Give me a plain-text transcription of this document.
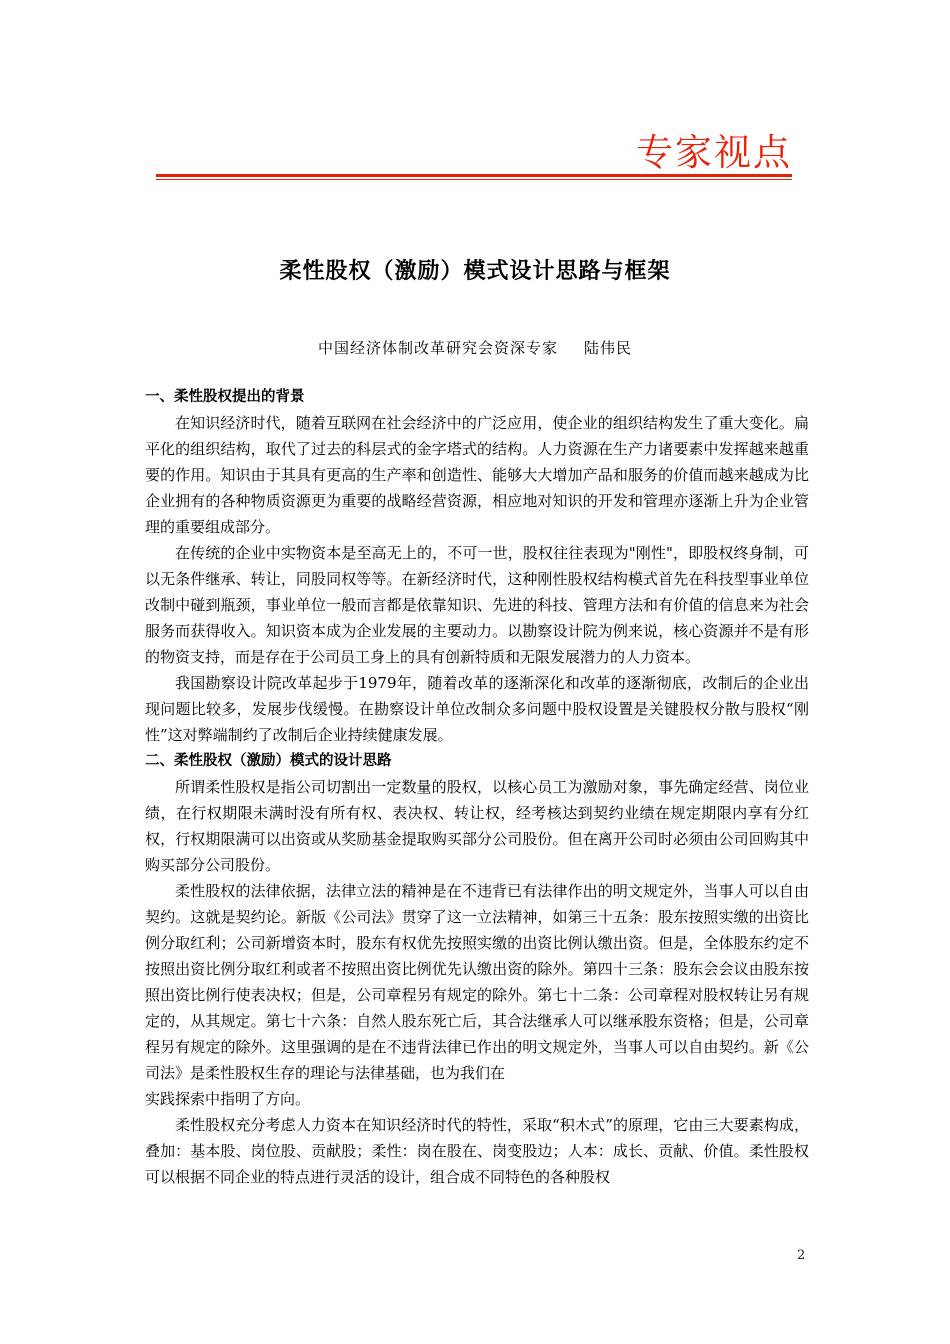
专家视点
柔性股权（激励）模式设计思路与框架
中国经济体制改革研究会资深专家 陆伟民
一、柔性股权提出的背景

在知识经济时代，随着互联网在社会经济中的广泛应用，使企业的组织结构发生了重大变化。扁平化的组织结构，取代了过去的科层式的金字塔式的结构。人力资源在生产力诸要素中发挥越来越重要的作用。知识由于其具有更高的生产率和创造性、能够大大增加产品和服务的价值而越来越成为比企业拥有的各种物质资源更为重要的战略经营资源，相应地对知识的开发和管理亦逐渐上升为企业管理的重要组成部分。

在传统的企业中实物资本是至高无上的，不可一世，股权往往表现为"刚性"，即股权终身制，可以无条件继承、转让，同股同权等等。在新经济时代，这种刚性股权结构模式首先在科技型事业单位改制中碰到瓶颈，事业单位一般而言都是依靠知识、先进的科技、管理方法和有价值的信息来为社会服务而获得收入。知识资本成为企业发展的主要动力。以勘察设计院为例来说，核心资源并不是有形的物资支持，而是存在于公司员工身上的具有创新特质和无限发展潜力的人力资本。

我国勘察设计院改革起步于1979年，随着改革的逐渐深化和改革的逐渐彻底，改制后的企业出现问题比较多，发展步伐缓慢。在勘察设计单位改制众多问题中股权设置是关键股权分散与股权“刚性”这对弊端制约了改制后企业持续健康发展。

二、柔性股权（激励）模式的设计思路

所谓柔性股权是指公司切割出一定数量的股权，以核心员工为激励对象，事先确定经营、岗位业绩，在行权期限未满时没有所有权、表决权、转让权，经考核达到契约业绩在规定期限内享有分红权，行权期限满可以出资或从奖励基金提取购买部分公司股份。但在离开公司时必须由公司回购其中购买部分公司股份。

柔性股权的法律依据，法律立法的精神是在不违背已有法律作出的明文规定外，当事人可以自由契约。这就是契约论。新版《公司法》贯穿了这一立法精神，如第三十五条：股东按照实缴的出资比例分取红利；公司新增资本时，股东有权优先按照实缴的出资比例认缴出资。但是，全体股东约定不按照出资比例分取红利或者不按照出资比例优先认缴出资的除外。第四十三条：股东会会议由股东按照出资比例行使表决权；但是，公司章程另有规定的除外。第七十二条：公司章程对股权转让另有规定的，从其规定。第七十六条：自然人股东死亡后，其合法继承人可以继承股东资格；但是，公司章程另有规定的除外。这里强调的是在不违背法律已作出的明文规定外，当事人可以自由契约。新《公司法》是柔性股权生存的理论与法律基础，也为我们在

实践探索中指明了方向。

柔性股权充分考虑人力资本在知识经济时代的特性，采取“积木式”的原理，它由三大要素构成，叠加：基本股、岗位股、贡献股；柔性：岗在股在、岗变股边；人本：成长、贡献、价值。柔性股权可以根据不同企业的特点进行灵活的设计，组合成不同特色的各种股权

2
